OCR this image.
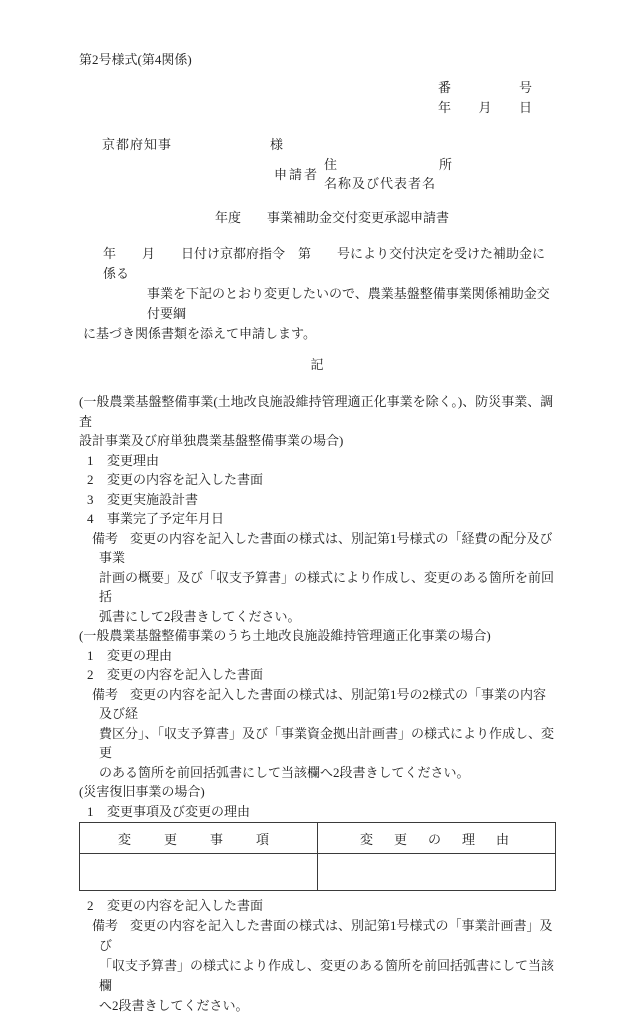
第2号様式(第4関係)
番	号
年 月 日
京都府知事	様
申請者
住	所
名称及び代表者名
年度 事業補助金交付変更承認申請書
年　　月　　日付け京都府指令　第　　号により交付決定を受けた補助金に係る
事業を下記のとおり変更したいので、農業基盤整備事業関係補助金交付要綱
に基づき関係書類を添えて申請します。
記
(一般農業基盤整備事業(土地改良施設維持管理適正化事業を除く。)、防災事業、調査
設計事業及び府単独農業基盤整備事業の場合)
1 変更理由
2 変更の内容を記入した書面
3 変更実施設計書
4 事業完了予定年月日
備考 変更の内容を記入した書面の様式は、別記第1号様式の「経費の配分及び事業
計画の概要」及び「収支予算書」の様式により作成し、変更のある箇所を前回括
弧書にして2段書きしてください。
(一般農業基盤整備事業のうち土地改良施設維持管理適正化事業の場合)
1 変更の理由
2 変更の内容を記入した書面
備考 変更の内容を記入した書面の様式は、別記第1号の2様式の「事業の内容及び経
費区分」、「収支予算書」及び「事業資金拠出計画書」の様式により作成し、変更
のある箇所を前回括弧書にして当該欄へ2段書きしてください。
(災害復旧事業の場合)
1 変更事項及び変更の理由
変　更　事　項	変　更　の　理　由

2 変更の内容を記入した書面
備考 変更の内容を記入した書面の様式は、別記第1号様式の「事業計画書」及び
「収支予算書」の様式により作成し、変更のある箇所を前回括弧書にして当該欄
へ2段書きしてください。
